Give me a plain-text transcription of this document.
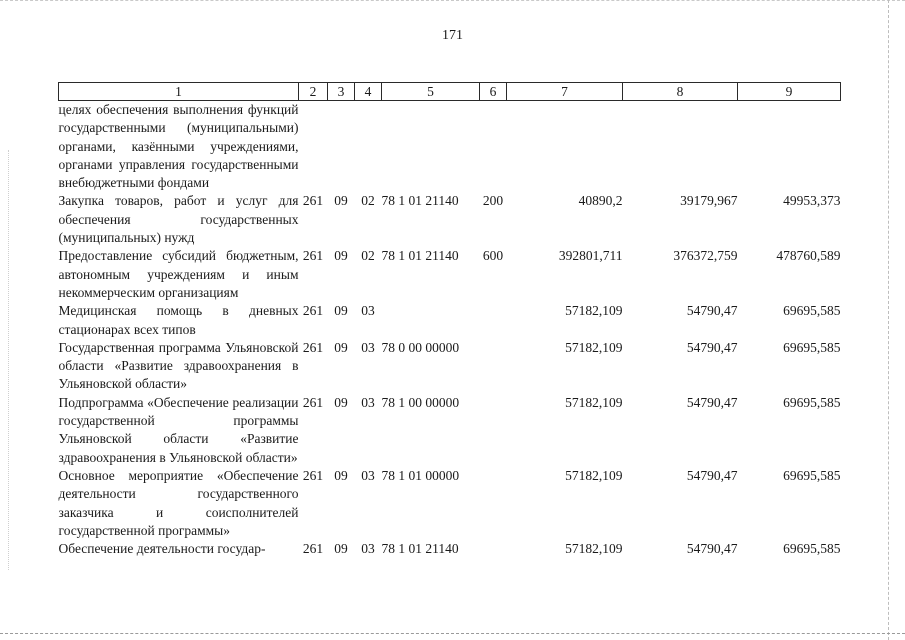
171
1	2	3	4	5	6	7	8	9
целях обеспечения выполнения функций государственными (муниципальными) органами, казёнными учреждениями, органами управления государственными внебюджетными фондами								
Закупка товаров, работ и услуг для обеспечения государственных (муниципальных) нужд	261	09	02	78 1 01 21140	200	40890,2	39179,967	49953,373
Предоставление субсидий бюджетным, автономным учреждениям и иным некоммерческим организациям	261	09	02	78 1 01 21140	600	392801,711	376372,759	478760,589
Медицинская помощь в дневных стационарах всех типов	261	09	03			57182,109	54790,47	69695,585
Государственная программа Ульяновской области «Развитие здравоохранения в Ульяновской области»	261	09	03	78 0 00 00000		57182,109	54790,47	69695,585
Подпрограмма «Обеспечение реализации государственной программы Ульяновской области «Развитие здравоохранения в Ульяновской области»	261	09	03	78 1 00 00000		57182,109	54790,47	69695,585
Основное мероприятие «Обеспечение деятельности государственного заказчика и соисполнителей государственной программы»	261	09	03	78 1 01 00000		57182,109	54790,47	69695,585
Обеспечение деятельности государ-	261	09	03	78 1 01 21140		57182,109	54790,47	69695,585
